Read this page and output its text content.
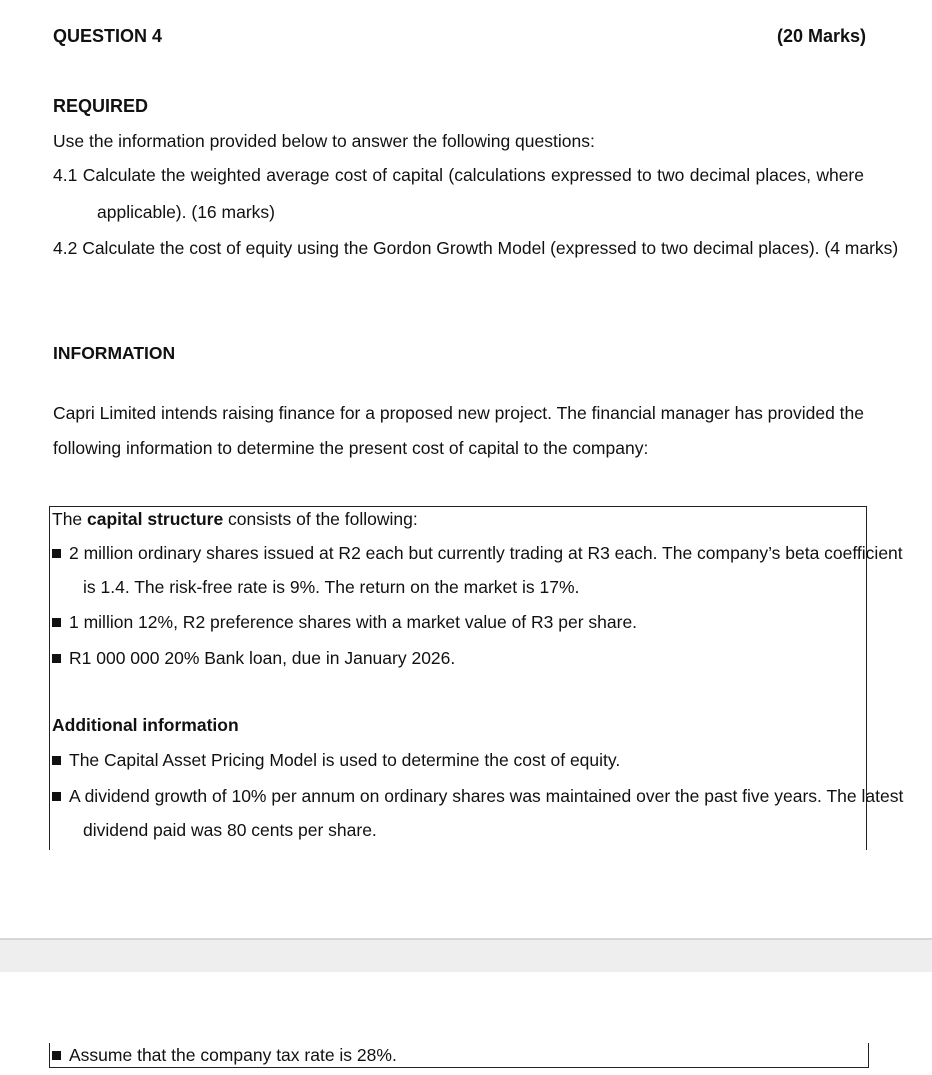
QUESTION 4	(20 Marks)
REQUIRED
Use the information provided below to answer the following questions:
4.1 Calculate the weighted average cost of capital (calculations expressed to two decimal places, where
applicable). (16 marks)
4.2 Calculate the cost of equity using the Gordon Growth Model (expressed to two decimal places). (4 marks)
INFORMATION
Capri Limited intends raising finance for a proposed new project. The financial manager has provided the
following information to determine the present cost of capital to the company:
The capital structure consists of the following:
2 million ordinary shares issued at R2 each but currently trading at R3 each. The company’s beta coefficient
is 1.4. The risk-free rate is 9%. The return on the market is 17%.
1 million 12%, R2 preference shares with a market value of R3 per share.
R1 000 000 20% Bank loan, due in January 2026.
Additional information
The Capital Asset Pricing Model is used to determine the cost of equity.
A dividend growth of 10% per annum on ordinary shares was maintained over the past five years. The latest
dividend paid was 80 cents per share.
Assume that the company tax rate is 28%.
